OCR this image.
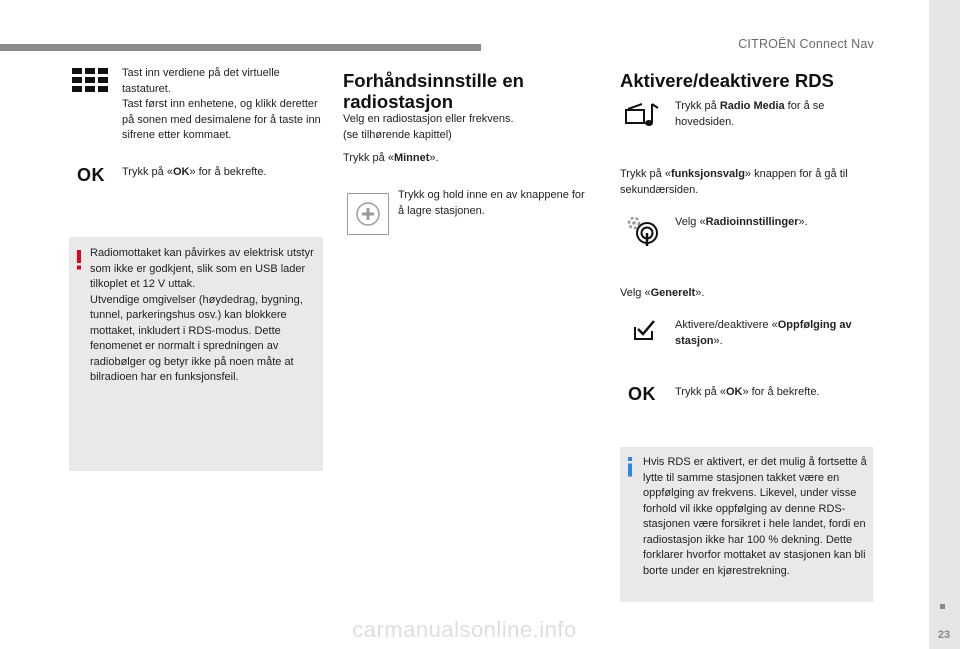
CITROËN Connect Nav
23
Tast inn verdiene på det virtuelle tastaturet.
Tast først inn enhetene, og klikk deretter på sonen med desimalene for å taste inn sifrene etter kommaet.
OK Trykk på «OK» for å bekrefte.
Radiomottaket kan påvirkes av elektrisk utstyr som ikke er godkjent, slik som en USB lader tilkoplet et 12 V uttak.
Utvendige omgivelser (høydedrag, bygning, tunnel, parkeringshus osv.) kan blokkere mottaket, inkludert i RDS-modus. Dette fenomenet er normalt i spredningen av radiobølger og betyr ikke på noen måte at bilradioen har en funksjonsfeil.
Forhåndsinnstille en radiostasjon
Velg en radiostasjon eller frekvens.
(se tilhørende kapittel)
Trykk på «Minnet».
Trykk og hold inne en av knappene for å lagre stasjonen.
Aktivere/deaktivere RDS
Trykk på Radio Media for å se hovedsiden.
Trykk på «funksjonsvalg» knappen for å gå til sekundærsiden.
Velg «Radioinnstillinger».
Velg «Generelt».
Aktivere/deaktivere «Oppfølging av stasjon».
OK Trykk på «OK» for å bekrefte.
Hvis RDS er aktivert, er det mulig å fortsette å lytte til samme stasjonen takket være en oppfølging av frekvens. Likevel, under visse forhold vil ikke oppfølging av denne RDS-stasjonen være forsikret i hele landet, fordi en radiostasjon ikke har 100 % dekning. Dette forklarer hvorfor mottaket av stasjonen kan bli borte under en kjørestrekning.
carmanualsonline.info
